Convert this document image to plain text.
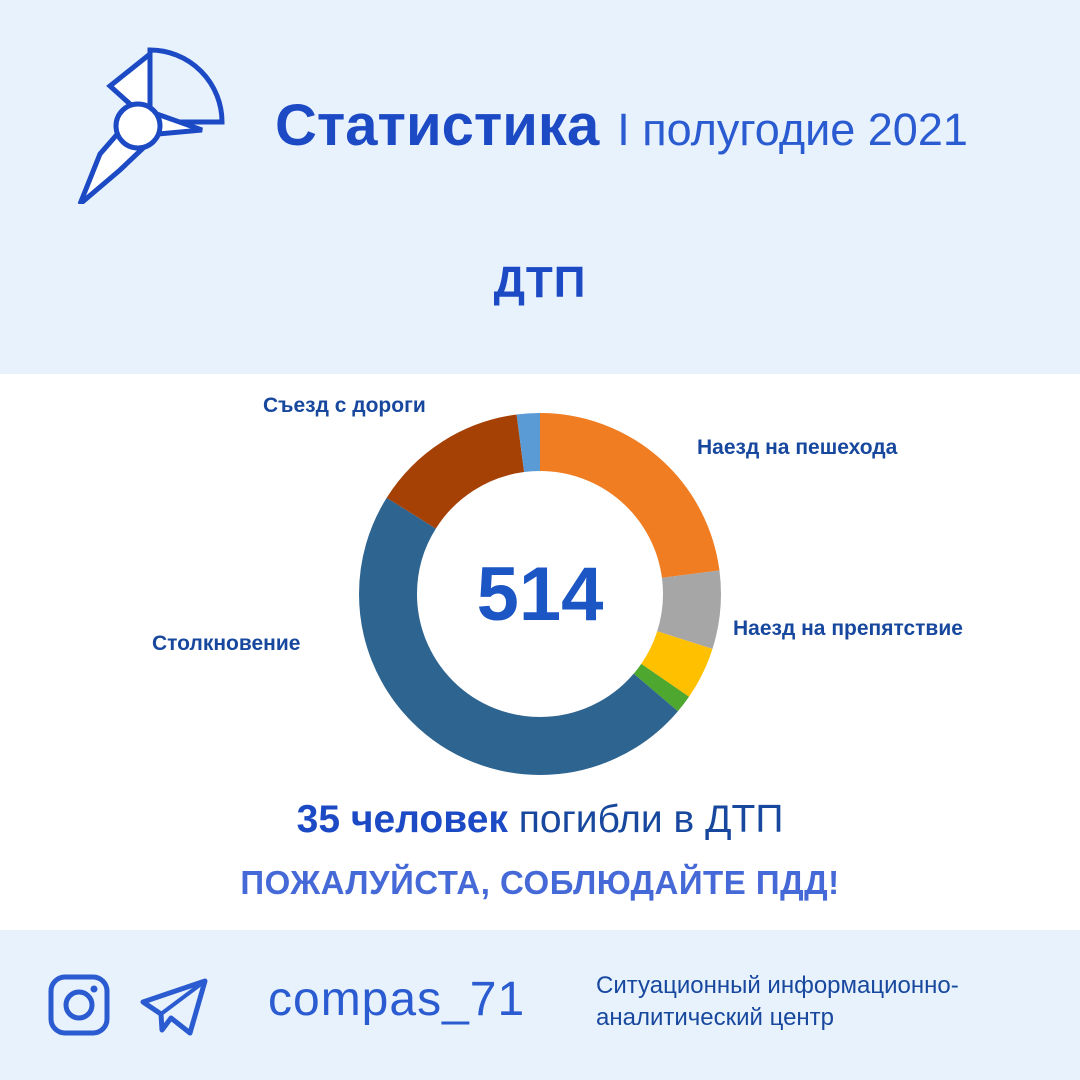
Статистика I полугодие 2021
ДТП
514
Съезд с дороги
Наезд на пешехода
Наезд на препятствие
Столкновение
35 человек погибли в ДТП
ПОЖАЛУЙСТА, СОБЛЮДАЙТЕ ПДД!
compas_71	Ситуационный информационно-
аналитический центр
